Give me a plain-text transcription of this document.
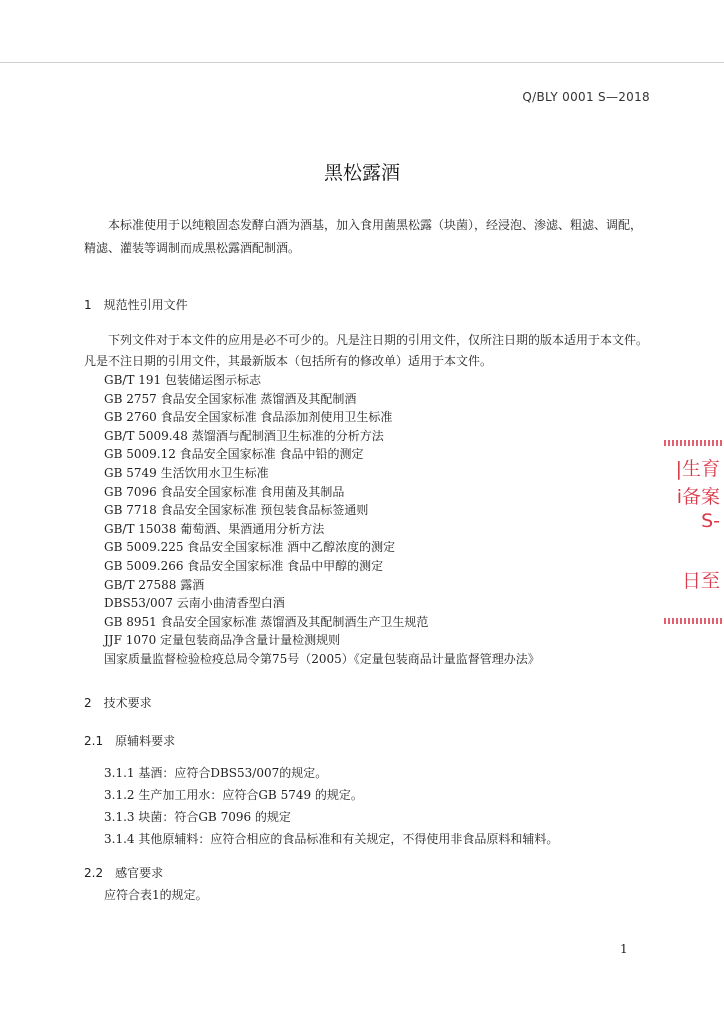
Q/BLY 0001 S—2018
黑松露酒
本标准使用于以纯粮固态发酵白酒为酒基，加入食用菌黑松露（块菌），经浸泡、渗滤、粗滤、调配，精滤、灌装等调制而成黑松露酒配制酒。
1　规范性引用文件
下列文件对于本文件的应用是必不可少的。凡是注日期的引用文件，仅所注日期的版本适用于本文件。凡是不注日期的引用文件，其最新版本（包括所有的修改单）适用于本文件。
GB/T 191 包装储运图示标志
GB 2757 食品安全国家标准 蒸馏酒及其配制酒
GB 2760 食品安全国家标准 食品添加剂使用卫生标准
GB/T 5009.48 蒸馏酒与配制酒卫生标准的分析方法
GB 5009.12 食品安全国家标准 食品中铅的测定
GB 5749 生活饮用水卫生标准
GB 7096 食品安全国家标准 食用菌及其制品
GB 7718 食品安全国家标准 预包装食品标签通则
GB/T 15038 葡萄酒、果酒通用分析方法
GB 5009.225 食品安全国家标准 酒中乙醇浓度的测定
GB 5009.266 食品安全国家标准 食品中甲醇的测定
GB/T 27588 露酒
DBS53/007 云南小曲清香型白酒
GB 8951 食品安全国家标准 蒸馏酒及其配制酒生产卫生规范
JJF 1070 定量包装商品净含量计量检测规则
国家质量监督检验检疫总局令第75号（2005）《定量包装商品计量监督管理办法》
2　技术要求
2.1　原辅料要求
3.1.1 基酒：应符合DBS53/007的规定。
3.1.2 生产加工用水：应符合GB 5749 的规定。
3.1.3 块菌：符合GB 7096 的规定
3.1.4 其他原辅料：应符合相应的食品标准和有关规定，不得使用非食品原料和辅料。
2.2　感官要求
应符合表1的规定。
1
|生育
i备案
S-
日至
